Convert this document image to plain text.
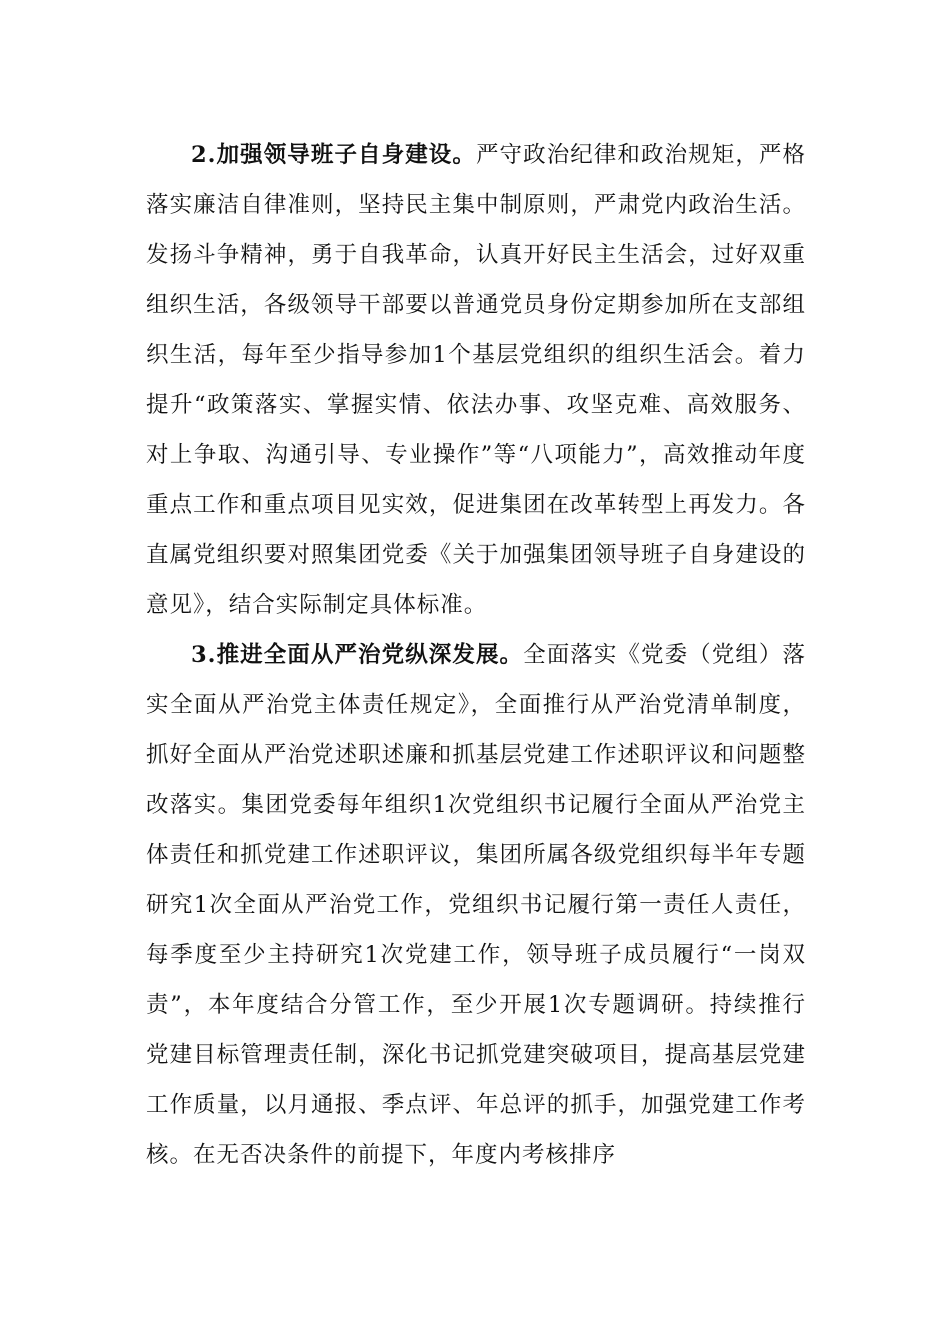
2.加强领导班子自身建设。严守政治纪律和政治规矩，严格落实廉洁自律准则，坚持民主集中制原则，严肃党内政治生活。发扬斗争精神，勇于自我革命，认真开好民主生活会，过好双重组织生活，各级领导干部要以普通党员身份定期参加所在支部组织生活，每年至少指导参加1个基层党组织的组织生活会。着力提升“政策落实、掌握实情、依法办事、攻坚克难、高效服务、对上争取、沟通引导、专业操作”等“八项能力”，高效推动年度重点工作和重点项目见实效，促进集团在改革转型上再发力。各直属党组织要对照集团党委《关于加强集团领导班子自身建设的意见》，结合实际制定具体标准。

3.推进全面从严治党纵深发展。全面落实《党委（党组）落实全面从严治党主体责任规定》，全面推行从严治党清单制度，抓好全面从严治党述职述廉和抓基层党建工作述职评议和问题整改落实。集团党委每年组织1次党组织书记履行全面从严治党主体责任和抓党建工作述职评议，集团所属各级党组织每半年专题研究1次全面从严治党工作，党组织书记履行第一责任人责任，每季度至少主持研究1次党建工作，领导班子成员履行“一岗双责”，本年度结合分管工作，至少开展1次专题调研。持续推行党建目标管理责任制，深化书记抓党建突破项目，提高基层党建工作质量，以月通报、季点评、年总评的抓手，加强党建工作考核。在无否决条件的前提下，年度内考核排序
